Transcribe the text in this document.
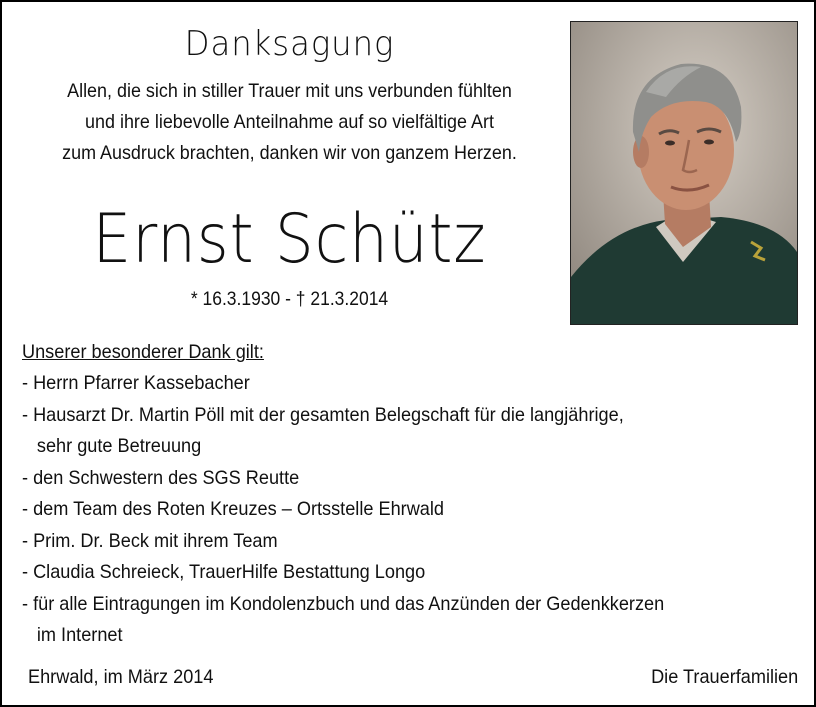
Danksagung
Allen, die sich in stiller Trauer mit uns verbunden fühlten
und ihre liebevolle Anteilnahme auf so vielfältige Art
zum Ausdruck brachten, danken wir von ganzem Herzen.
Ernst Schütz
* 16.3.1930 - † 21.3.2014
Unserer besonderer Dank gilt:
- Herrn Pfarrer Kassebacher
- Hausarzt Dr. Martin Pöll mit der gesamten Belegschaft für die langjährige,
sehr gute Betreuung
- den Schwestern des SGS Reutte
- dem Team des Roten Kreuzes – Ortsstelle Ehrwald
- Prim. Dr. Beck mit ihrem Team
- Claudia Schreieck, TrauerHilfe Bestattung Longo
- für alle Eintragungen im Kondolenzbuch und das Anzünden der Gedenkkerzen
im Internet
Ehrwald, im März 2014	Die Trauerfamilien
